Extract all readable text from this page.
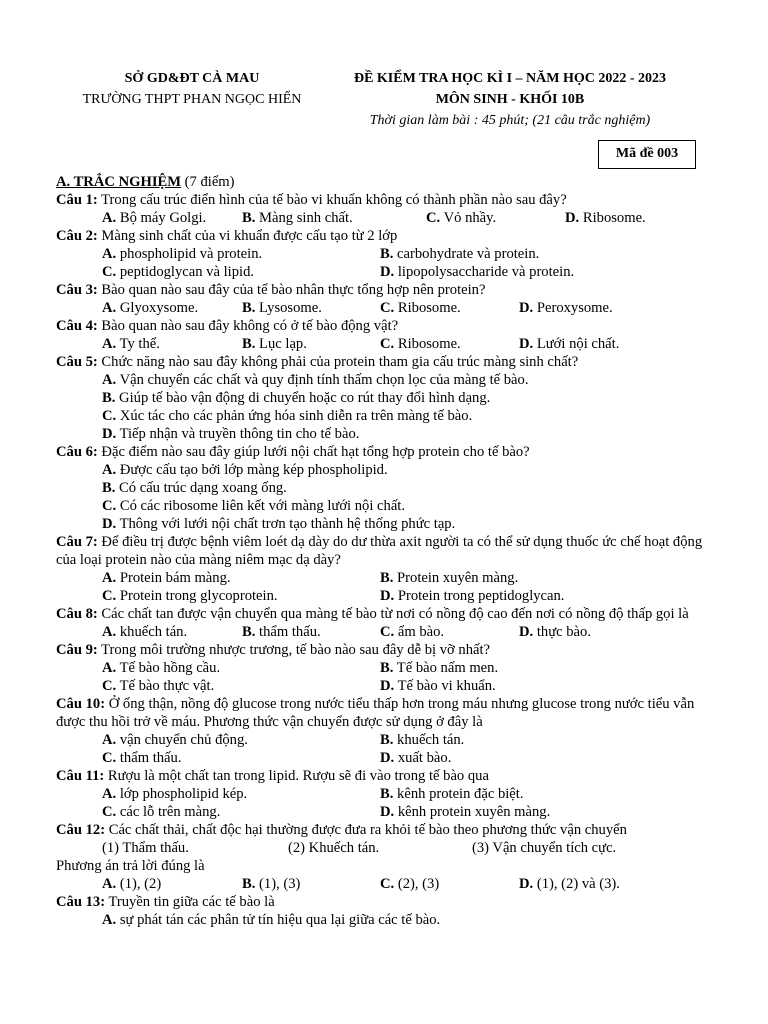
SỞ GD&ĐT CÀ MAU
TRƯỜNG THPT PHAN NGỌC HIỂN
ĐỀ KIỂM TRA HỌC KÌ I – NĂM HỌC 2022 - 2023
MÔN SINH - KHỐI 10B
Thời gian làm bài : 45 phút; (21 câu trắc nghiệm)
Mã đề 003
A. TRẮC NGHIỆM (7 điểm)
Câu 1: Trong cấu trúc điển hình của tế bào vi khuẩn không có thành phần nào sau đây?
A. Bộ máy Golgi. B. Màng sinh chất.	C. Vỏ nhầy.	D. Ribosome.
Câu 2: Màng sinh chất của vi khuẩn được cấu tạo từ 2 lớp
A. phospholipid và protein.	B. carbohydrate và protein.
C. peptidoglycan và lipid.	D. lipopolysaccharide và protein.
Câu 3: Bào quan nào sau đây của tế bào nhân thực tổng hợp nên protein?
A. Glyoxysome.	B. Lysosome.	C. Ribosome.	D. Peroxysome.
Câu 4: Bào quan nào sau đây không có ở tế bào động vật?
A. Ty thể.	B. Lục lạp.	C. Ribosome.	D. Lưới nội chất.
Câu 5: Chức năng nào sau đây không phải của protein tham gia cấu trúc màng sinh chất?
A. Vận chuyển các chất và quy định tính thấm chọn lọc của màng tế bào.
B. Giúp tế bào vận động di chuyển hoặc co rút thay đổi hình dạng.
C. Xúc tác cho các phản ứng hóa sinh diễn ra trên màng tế bào.
D. Tiếp nhận và truyền thông tin cho tế bào.
Câu 6: Đặc điểm nào sau đây giúp lưới nội chất hạt tổng hợp protein cho tế bào?
A. Được cấu tạo bởi lớp màng kép phospholipid.
B. Có cấu trúc dạng xoang ống.
C. Có các ribosome liên kết với màng lưới nội chất.
D. Thông với lưới nội chất trơn tạo thành hệ thống phức tạp.
Câu 7: Để điều trị được bệnh viêm loét dạ dày do dư thừa axit người ta có thể sử dụng thuốc ức chế hoạt động của loại protein nào của màng niêm mạc dạ dày?
A. Protein bám màng.	B. Protein xuyên màng.
C. Protein trong glycoprotein.	D. Protein trong peptidoglycan.
Câu 8: Các chất tan được vận chuyển qua màng tế bào từ nơi có nồng độ cao đến nơi có nồng độ thấp gọi là
A. khuếch tán.	B. thẩm thấu.	C. ẩm bào.	D. thực bào.
Câu 9: Trong môi trường nhược trương, tế bào nào sau đây dễ bị vỡ nhất?
A. Tế bào hồng cầu.	B. Tế bào nấm men.
C. Tế bào thực vật.	D. Tế bào vi khuẩn.
Câu 10: Ở ống thận, nồng độ glucose trong nước tiểu thấp hơn trong máu nhưng glucose trong nước tiểu vẫn được thu hồi trở về máu. Phương thức vận chuyển được sử dụng ở đây là
A. vận chuyển chủ động.	B. khuếch tán.
C. thẩm thấu.	D. xuất bào.
Câu 11: Rượu là một chất tan trong lipid. Rượu sẽ đi vào trong tế bào qua
A. lớp phospholipid kép.	B. kênh protein đặc biệt.
C. các lỗ trên màng.	D. kênh protein xuyên màng.
Câu 12: Các chất thải, chất độc hại thường được đưa ra khỏi tế bào theo phương thức vận chuyển
(1) Thẩm thấu.	(2) Khuếch tán.	(3) Vận chuyển tích cực.
Phương án trả lời đúng là
A. (1), (2)	B. (1), (3)	C. (2), (3)	D. (1), (2) và (3).
Câu 13: Truyền tin giữa các tế bào là
A. sự phát tán các phân tử tín hiệu qua lại giữa các tế bào.
